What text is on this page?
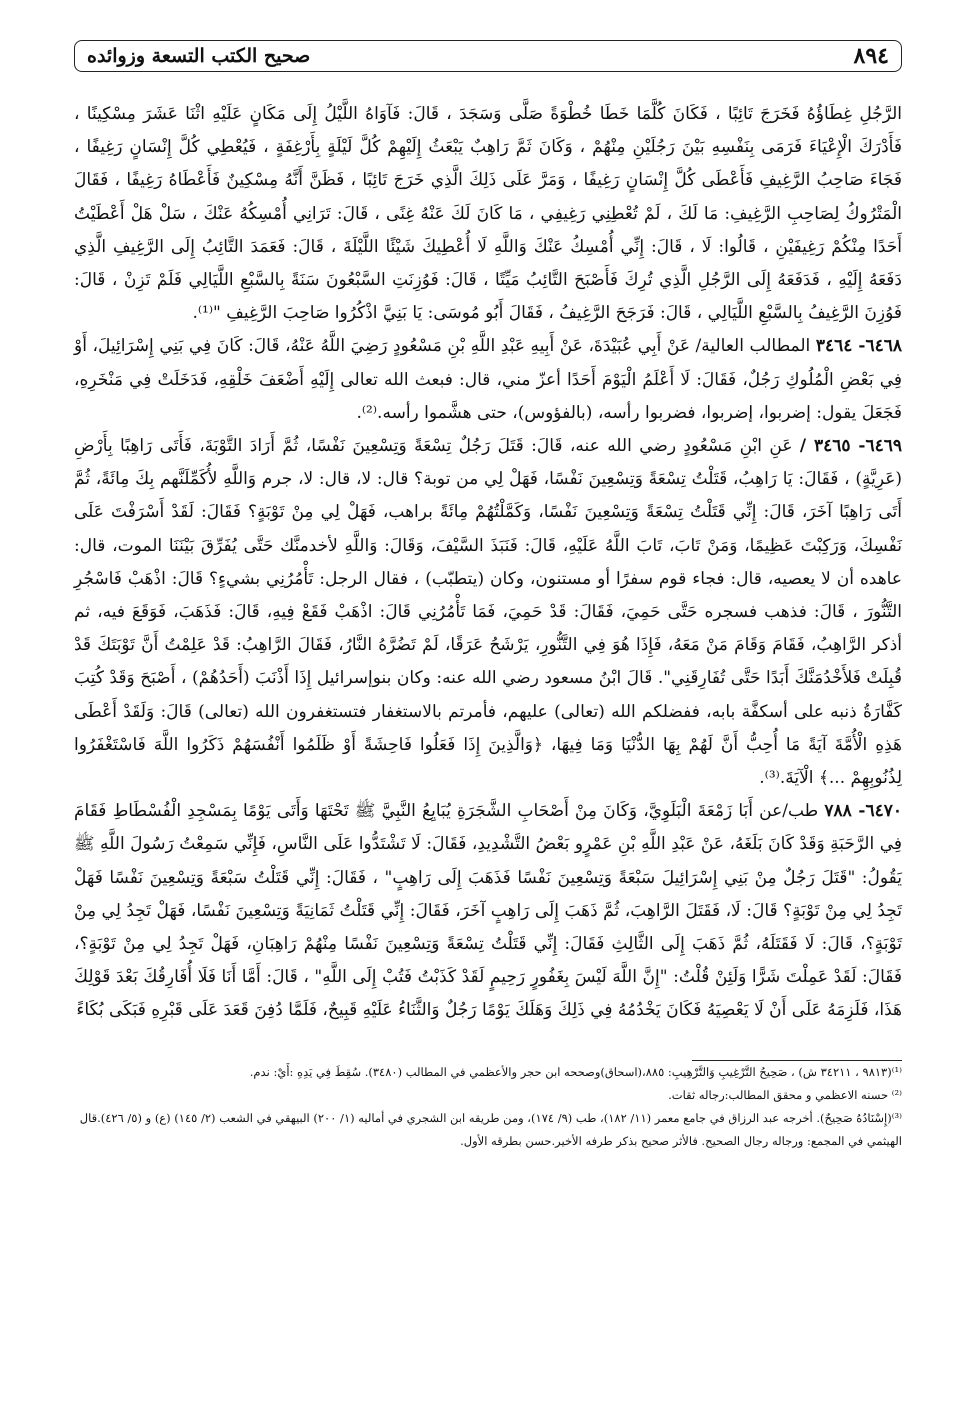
صحيح الكتب التسعة وزوائده	٨٩٤

الرَّجُلِ غِطَاؤُهُ فَخَرَجَ تَائِبًا ، فَكَانَ كُلَّمَا خَطَا خُطْوَةً صَلَّى وَسَجَدَ ، قَالَ: فَآوَاهُ اللَّيْلُ إِلَى مَكَانٍ عَلَيْهِ اثْنَا عَشَرَ مِسْكِينًا ، فَأَدْرَكَ الْإِعْيَاءَ فَرَمَى بِنَفْسِهِ بَيْنَ رَجُلَيْنِ مِنْهُمْ ، وَكَانَ ثَمَّ رَاهِبٌ يَبْعَثُ إِلَيْهِمْ كُلَّ لَيْلَةٍ بِأَرْغِفَةٍ ، فَيُعْطِي كُلَّ إِنْسَانٍ رَغِيفًا ، فَجَاءَ صَاحِبُ الرَّغِيفِ فَأَعْطَى كُلَّ إِنْسَانٍ رَغِيفًا ، وَمَرَّ عَلَى ذَلِكَ الَّذِي خَرَجَ تَائِبًا ، فَظَنَّ أَنَّهُ مِسْكِينٌ فَأَعْطَاهُ رَغِيفًا ، فَقَالَ الْمَتْرُوكُ لِصَاحِبِ الرَّغِيفِ: مَا لَكَ ، لَمْ تُعْطِنِي رَغِيفِي ، مَا كَانَ لَكَ عَنْهُ غِنًى ، قَالَ: تَرَانِي أُمْسِكُهُ عَنْكَ ، سَلْ هَلْ أَعْطَيْتُ أَحَدًا مِنْكُمْ رَغِيفَيْنِ ، قَالُوا: لَا ، قَالَ: إِنِّي أُمْسِكُ عَنْكَ وَاللَّهِ لَا أُعْطِيكَ شَيْئًا اللَّيْلَةَ ، قَالَ: فَعَمَدَ التَّائِبُ إِلَى الرَّغِيفِ الَّذِي دَفَعَهُ إِلَيْهِ ، فَدَفَعَهُ إِلَى الرَّجُلِ الَّذِي تُرِكَ فَأَصْبَحَ التَّائِبُ مَيِّتًا ، قَالَ: فَوُزِنَتِ السَّبْعُونَ سَنَةً بِالسَّبْعِ اللَّيَالِي فَلَمْ تَزِنْ ، قَالَ: فَوُزِنَ الرَّغِيفُ بِالسَّبْعِ اللَّيَالِي ، قَالَ: فَرَجَحَ الرَّغِيفُ ، فَقَالَ أَبُو مُوسَى: يَا بَنِيَّ اذْكُرُوا صَاحِبَ الرَّغِيفِ "⁽¹⁾.

٦٤٦٨- ٣٤٦٤ المطالب العالية/ عَنْ أَبِي عُبَيْدَةَ، عَنْ أَبِيهِ عَبْدِ اللَّهِ بْنِ مَسْعُودٍ رَضِيَ اللَّهُ عَنْهُ، قَالَ: كَانَ فِي بَنِي إِسْرَائِيلَ، أَوْ فِي بَعْضِ الْمُلُوكِ رَجُلٌ، فَقَالَ: لَا أَعْلَمُ الْيَوْمَ أَحَدًا أعزّ مني، قال: فبعث الله تعالى إِلَيْهِ أَضْعَفَ خَلْقِهِ، فَدَخَلَتْ فِي مَنْخَرِهِ، فَجَعَلَ يقول: إضربوا، إضربوا، فضربوا رأسه، (بالفؤوس)، حتى هشَّموا رأسه.⁽²⁾.

٦٤٦٩- ٣٤٦٥ / عَنِ ابْنِ مَسْعُودٍ رضي الله عنه، قَالَ: قَتَلَ رَجُلٌ تِسْعَةً وَتِسْعِينَ نَفْسًا، ثُمَّ أَرَادَ التَّوْبَةَ، فَأَتَى رَاهِبًا بِأَرْضِ (عَرِيَّةٍ) ، فَقَالَ: يَا رَاهِبُ، قَتَلْتُ تِسْعَةً وَتِسْعِينَ نَفْسًا، فَهَلْ لِي من توبة؟ قال: لا، قال: لا، جرم وَاللَّهِ لأُكَمِّلَنَّهم بِكَ مِائَةً، ثُمَّ أَتَى رَاهِبًا آخَرَ، قَالَ: إِنِّي قَتَلْتُ تِسْعَةً وَتِسْعِينَ نَفْسًا، وَكَمَّلْتُهُمْ مِائَةً براهب، فَهَلْ لِي مِنْ تَوْبَةٍ؟ فَقَالَ: لَقَدْ أَسْرَفْتَ عَلَى نَفْسِكَ، وَرَكِبْتَ عَظِيمًا، وَمَنْ تَابَ، تَابَ اللَّهُ عَلَيْهِ، قَالَ: فَنَبَذَ السَّيْفَ، وَقَالَ: وَاللَّهِ لأخدمنَّك حَتَّى يُفَرِّقَ بَيْنَنَا الموت، قال: عاهده أن لا يعصيه، قال: فجاء قوم سفرًا أو مستنون، وكان (يتطبّب) ، فقال الرجل: تَأْمُرُنِي بشيءٍ؟ قَالَ: اذْهَبْ فَاسْجُرِ التَّنُّورَ ، قَالَ: فذهب فسجره حَتَّى حَمِيَ، فَقَالَ: قَدْ حَمِيَ، فَمَا تَأْمُرُنِي قَالَ: اذْهَبْ فَقَعْ فِيهِ، قَالَ: فَذَهَبَ، فَوَقَعَ فيه، ثم أذكر الرَّاهِبُ، فَقَامَ وَقَامَ مَنْ مَعَهُ، فَإِذَا هُوَ فِي التَّنُّورِ، يَرْشَحُ عَرَقًا، لَمْ تَضُرَّهُ النَّارُ، فَقَالَ الرَّاهِبُ: قَدْ عَلِمْتُ أَنَّ تَوْبَتَكَ قَدْ قُبِلَتْ فَلأَخْدُمَنَّكَ أَبَدًا حَتَّى تُفَارِقَنِي". قَالَ ابْنُ مسعود رضي الله عنه: وكان بنوإسرائيل إِذَا أَذْنَبَ (أَحَدُهُمْ) ، أَصْبَحَ وَقَدْ كُتِبَ كَفَّارَةُ ذنبه على أسكفَّة بابه، ففضلكم الله (تعالى) عليهم، فأمرتم بالاستغفار فتستغفرون الله (تعالى) قَالَ: وَلَقَدْ أَعْطَى هَذِهِ الْأُمَّةَ آيَةً مَا أُحِبُّ أَنَّ لَهُمْ بِهَا الدُّنْيَا وَمَا فِيهَا، ﴿وَالَّذِينَ إِذَا فَعَلُوا فَاحِشَةً أَوْ ظَلَمُوا أَنْفُسَهُمْ ذَكَرُوا اللَّهَ فَاسْتَغْفَرُوا لِذُنُوبِهِمْ ...﴾ الْآيَةَ.⁽³⁾.

٦٤٧٠- ٧٨٨ طب/عن أَبَا زَمْعَةَ الْبَلَوِيَّ، وَكَانَ مِنْ أَصْحَابِ الشَّجَرَةِ يُبَايِعُ النَّبِيَّ ﷺ تَحْتَهَا وَأَتَى يَوْمًا بِمَسْجِدِ الْفُسْطَاطِ فَقَامَ فِي الرَّحَبَةِ وَقَدْ كَانَ بَلَغَهُ، عَنْ عَبْدِ اللَّهِ بْنِ عَمْرٍو بَعْضُ التَّشْدِيدِ، فَقَالَ: لَا تَشْتَدُّوا عَلَى النَّاسِ، فَإِنِّي سَمِعْتُ رَسُولَ اللَّهِ ﷺ يَقُولُ: "قَتَلَ رَجُلٌ مِنْ بَنِي إِسْرَائِيلَ سَبْعَةً وَتِسْعِينَ نَفْسًا فَذَهَبَ إِلَى رَاهِبٍ" ، فَقَالَ: إِنِّي قَتَلْتُ سَبْعَةً وَتِسْعِينَ نَفْسًا فَهَلْ تَجِدُ لِي مِنْ تَوْبَةٍ؟ قَالَ: لَا، فَقَتَلَ الرَّاهِبَ، ثُمَّ ذَهَبَ إِلَى رَاهِبٍ آخَرَ، فَقَالَ: إِنِّي قَتَلْتُ ثَمَانِيَةً وَتِسْعِينَ نَفْسًا، فَهَلْ تَجِدُ لِي مِنْ تَوْبَةٍ؟، قَالَ: لَا فَقَتَلَهُ، ثُمَّ ذَهَبَ إِلَى الثَّالِثِ فَقَالَ: إِنِّي قَتَلْتُ تِسْعَةً وَتِسْعِينَ نَفْسًا مِنْهُمْ رَاهِبَانِ، فَهَلْ تَجِدُ لِي مِنْ تَوْبَةٍ؟، فَقَالَ: لَقَدْ عَمِلْتَ شَرًّا وَلَئِنْ قُلْتُ: "إِنَّ اللَّهَ لَيْسَ بِغَفُورٍ رَحِيمٍ لَقَدْ كَذَبْتُ فَتُبْ إِلَى اللَّهِ" ، قَالَ: أَمَّا أَنَا فَلَا أُفَارِقُكَ بَعْدَ قَوْلِكَ هَذَا، فَلَزِمَهُ عَلَى أَنْ لَا يَعْصِيَهُ فَكَانَ يَخْدُمُهُ فِي ذَلِكَ وَهَلَكَ يَوْمًا رَجُلٌ وَالثَّنَاءُ عَلَيْهِ قَبِيحٌ، فَلَمَّا دُفِنَ قَعَدَ عَلَى قَبْرِهِ فَبَكَى بُكَاءً

⁽¹⁾(٩٨١٣ ، ٣٤٢١١ ش) ، صَحِيحُ التَّرْغِيبِ وَالتَّرْهِيبِ: ٨٨٥،(اسحاق)وصححه ابن حجر والأعظمي في المطالب (٣٤٨٠). سُقِطَ فِي يَدِهِ :أَيْ: ندم.

⁽²⁾ حسنه الاعظمي و محقق المطالب:رجاله ثقات.

⁽³⁾(إِسْنَادُهُ صَحِيحٌ). أخرجه عبد الرزاق في جامع معمر (١١/ ١٨٢)، طب (٩/ ١٧٤)، ومن طريقه ابن الشجري في أماليه (١/ ٢٠٠) البيهقي في الشعب (٢/ ١٤٥) (ع) و (٥/ ٤٢٦).قال الهيثمي في المجمع: ورجاله رجال الصحيح. فالأثر صحيح بذكر طرفه الأخير.حسن بطرقه الأول.
